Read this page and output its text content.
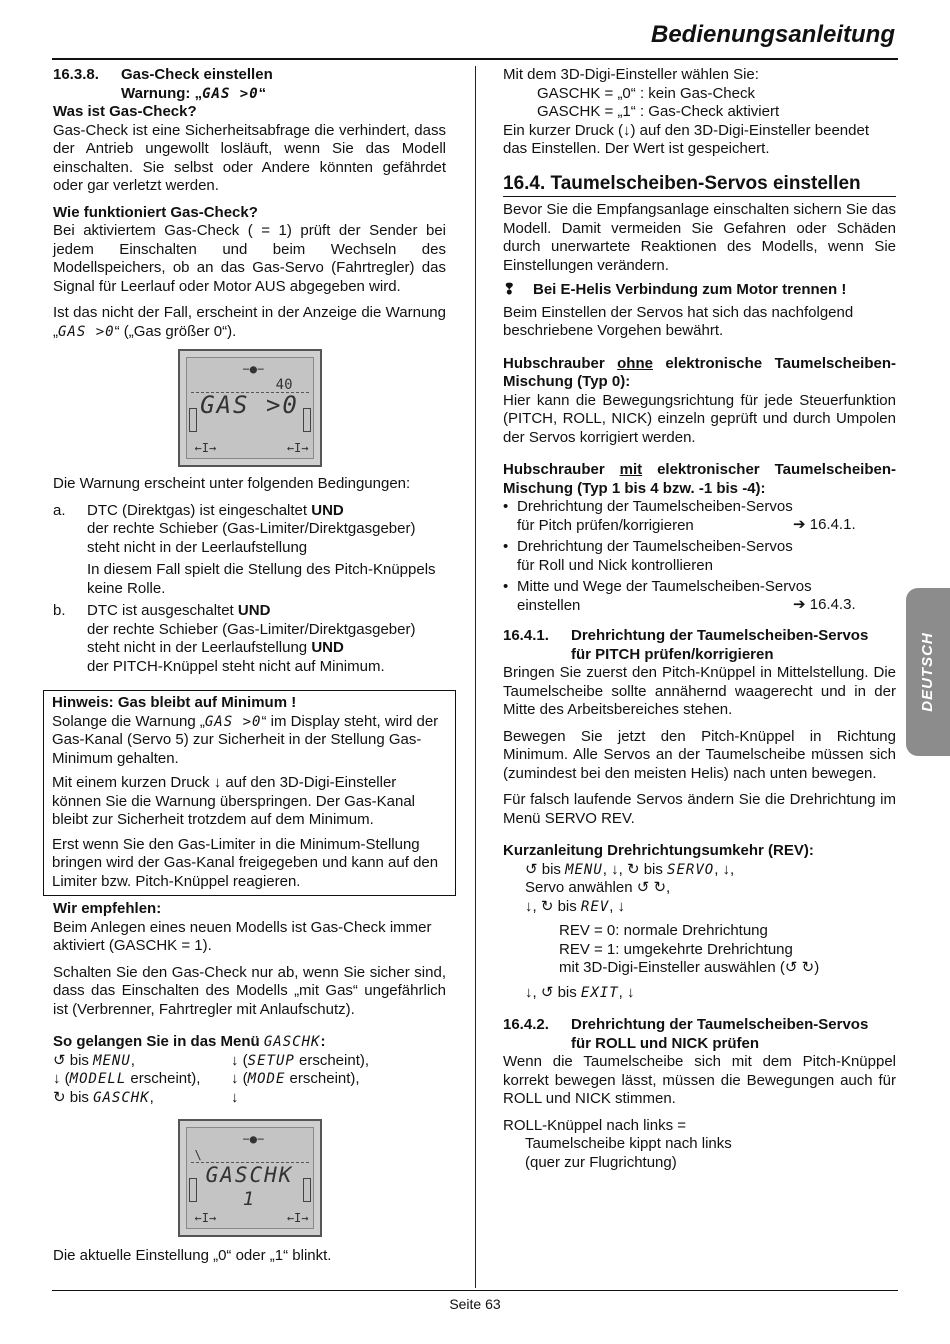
Bedienungsanleitung
DEUTSCH
16.3.8.	Gas-Check einstellen
Warnung: „GAS >0“

Was ist Gas-Check?

Gas-Check ist eine Sicherheitsabfrage die verhindert, dass der Antrieb ungewollt losläuft, wenn Sie das Modell einschalten. Sie selbst oder Andere könnten gefährdet oder gar verletzt werden.

Wie funktioniert Gas-Check?

Bei aktiviertem Gas-Check ( = 1) prüft der Sender bei jedem Einschalten und beim Wechseln des Modellspeichers, ob an das Gas-Servo (Fahrtregler) das Signal für Leerlauf oder Motor AUS abgegeben wird.

Ist das nicht der Fall, erscheint in der Anzeige die Warnung „GAS >0“ („Gas größer 0“).

−●−
40
GAS >0
←I→	←I→

Die Warnung erscheint unter folgenden Bedingungen:

a.	DTC (Direktgas) ist eingeschaltet UND
der rechte Schieber (Gas-Limiter/Direktgasgeber) steht nicht in der Leerlaufstellung
In diesem Fall spielt die Stellung des Pitch-Knüppels keine Rolle.
b.	DTC ist ausgeschaltet UND
der rechte Schieber (Gas-Limiter/Direktgasgeber) steht nicht in der Leerlaufstellung UND
der PITCH-Knüppel steht nicht auf Minimum.

Hinweis: Gas bleibt auf Minimum !

Solange die Warnung „GAS >0“ im Display steht, wird der Gas-Kanal (Servo 5) zur Sicherheit in der Stellung Gas-Minimum gehalten.

Mit einem kurzen Druck ↓ auf den 3D-Digi-Einsteller können Sie die Warnung überspringen. Der Gas-Kanal bleibt zur Sicherheit trotzdem auf dem Minimum.

Erst wenn Sie den Gas-Limiter in die Minimum-Stellung bringen wird der Gas-Kanal freigegeben und kann auf den Limiter bzw. Pitch-Knüppel reagieren.

Wir empfehlen:

Beim Anlegen eines neuen Modells ist Gas-Check immer aktiviert (GASCHK = 1).

Schalten Sie den Gas-Check nur ab, wenn Sie sicher sind, dass das Einschalten des Modells „mit Gas“ ungefährlich ist (Verbrenner, Fahrtregler mit Anlaufschutz).

So gelangen Sie in das Menü GASCHK:

↺ bis MENU,	↓ (SETUP erscheint),
↓ (MODELL erscheint),	↓ (MODE erscheint),
↻ bis GASCHK,	↓
−●−
\
GASCHK
1
←I→	←I→

Die aktuelle Einstellung „0“ oder „1“ blinkt.

Mit dem 3D-Digi-Einsteller wählen Sie:

GASCHK = „0“ : kein Gas-Check

GASCHK = „1“ : Gas-Check aktiviert

Ein kurzer Druck (↓) auf den 3D-Digi-Einsteller beendet das Einstellen. Der Wert ist gespeichert.

16.4. Taumelscheiben-Servos einstellen

Bevor Sie die Empfangsanlage einschalten sichern Sie das Modell. Damit vermeiden Sie Gefahren oder Schäden durch unerwartete Reaktionen des Modells, wenn Sie Einstellungen verändern.

❢ Bei E-Helis Verbindung zum Motor trennen !

Beim Einstellen der Servos hat sich das nachfolgend beschriebene Vorgehen bewährt.

Hubschrauber ohne elektronische Taumelscheiben-Mischung (Typ 0):

Hier kann die Bewegungsrichtung für jede Steuerfunktion (PITCH, ROLL, NICK) einzeln geprüft und durch Umpolen der Servos korrigiert werden.

Hubschrauber mit elektronischer Taumelscheiben-Mischung (Typ 1 bis 4 bzw. -1 bis -4):

• Drehrichtung der Taumelscheiben-Servos
für Pitch prüfen/korrigieren	➔ 16.4.1.
• Drehrichtung der Taumelscheiben-Servos
für Roll und Nick kontrollieren
• Mitte und Wege der Taumelscheiben-Servos
einstellen	➔ 16.4.3.
16.4.1.	Drehrichtung der Taumelscheiben-Servos
für PITCH prüfen/korrigieren

Bringen Sie zuerst den Pitch-Knüppel in Mittelstellung. Die Taumelscheibe sollte annähernd waagerecht und in der Mitte des Arbeitsbereiches stehen.

Bewegen Sie jetzt den Pitch-Knüppel in Richtung Minimum. Alle Servos an der Taumelscheibe müssen sich (zumindest bei den meisten Helis) nach unten bewegen.

Für falsch laufende Servos ändern Sie die Drehrichtung im Menü SERVO REV.

Kurzanleitung Drehrichtungsumkehr (REV):

↺ bis MENU, ↓, ↻ bis SERVO, ↓,

Servo anwählen ↺ ↻,

↓, ↻ bis REV, ↓

REV = 0: normale Drehrichtung

REV = 1: umgekehrte Drehrichtung

mit 3D-Digi-Einsteller auswählen (↺ ↻)

↓, ↺ bis EXIT, ↓

16.4.2.	Drehrichtung der Taumelscheiben-Servos
für ROLL und NICK prüfen

Wenn die Taumelscheibe sich mit dem Pitch-Knüppel korrekt bewegen lässt, müssen die Bewegungen auch für ROLL und NICK stimmen.

ROLL-Knüppel nach links =

Taumelscheibe kippt nach links

(quer zur Flugrichtung)

Seite 63
